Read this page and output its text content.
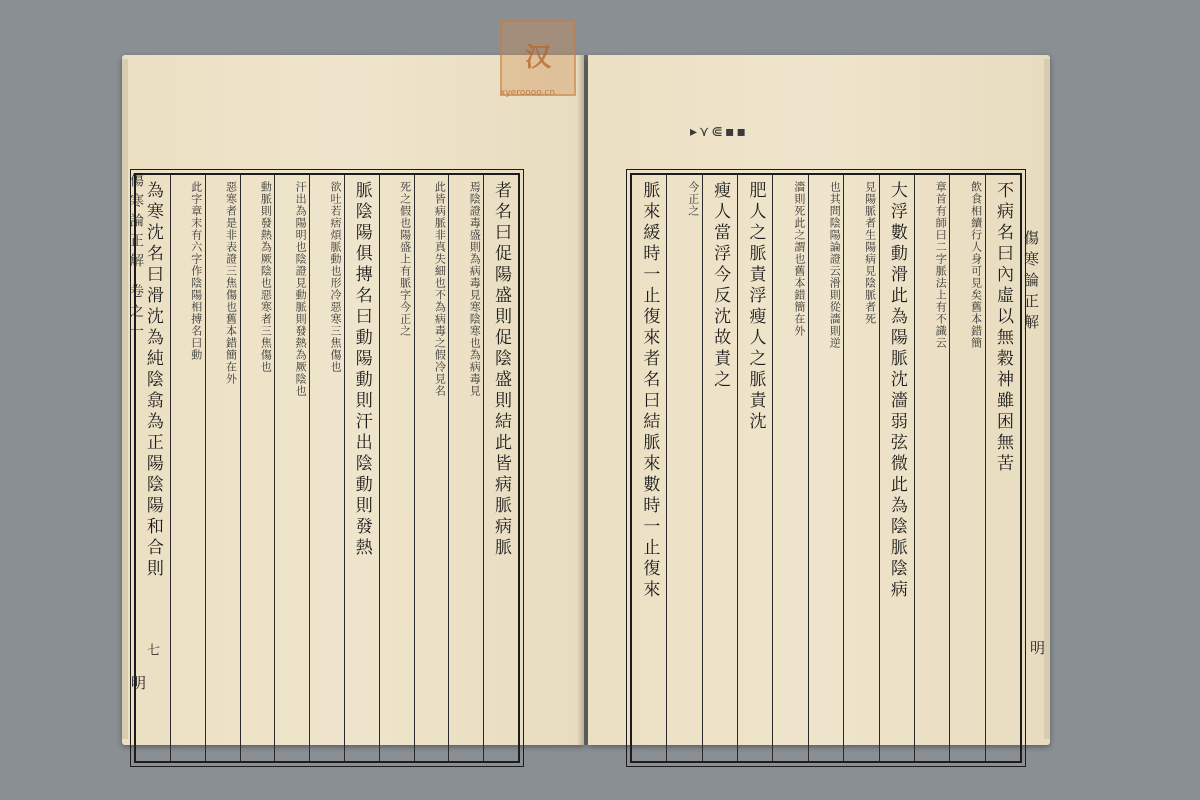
傷寒論正解 卷之一	者名曰促陽盛則促陰盛則結此皆病脈病脈
焉陰證毒盛則為病毒見寒陰寒也為病毒見
此皆病脈非真失細也不為病毒之假冷見名
死之假也陽盛上有脈字今正之
脈陰陽俱摶名曰動陽動則汗出陰動則發熱
欲吐若痞煩脈動也形冷惡寒三焦傷也
汗出為陽明也陰證見動脈則發熱為厥陰也
動脈則發熱為厥陰也惡寒者三焦傷也
惡寒者是非表證三焦傷也舊本錯簡在外
此字章末有六字作陰陽相搏名曰動
為寒沈名曰滑沈為純陰翕為正陽陰陽和合則
七
明
不病名曰內虛以無穀神雖困無苦
飲食相續行人身可見矣舊本錯簡
章首有師曰二字脈法上有不識云
大浮數動滑此為陽脈沈濇弱弦微此為陰脈陰病
見陽脈者生陽病見陰脈者死
也其問陰陽論證云滑則從濇則逆
濇則死此之謂也舊本錯簡在外
肥人之脈責浮瘦人之脈責沈
瘦人當浮今反沈故責之
今正之
脈來緩時一止復來者名曰結脈來數時一止復來	傷寒論正解
明
▸⋎⋐▪▪
汉
xyeroooo.cn
